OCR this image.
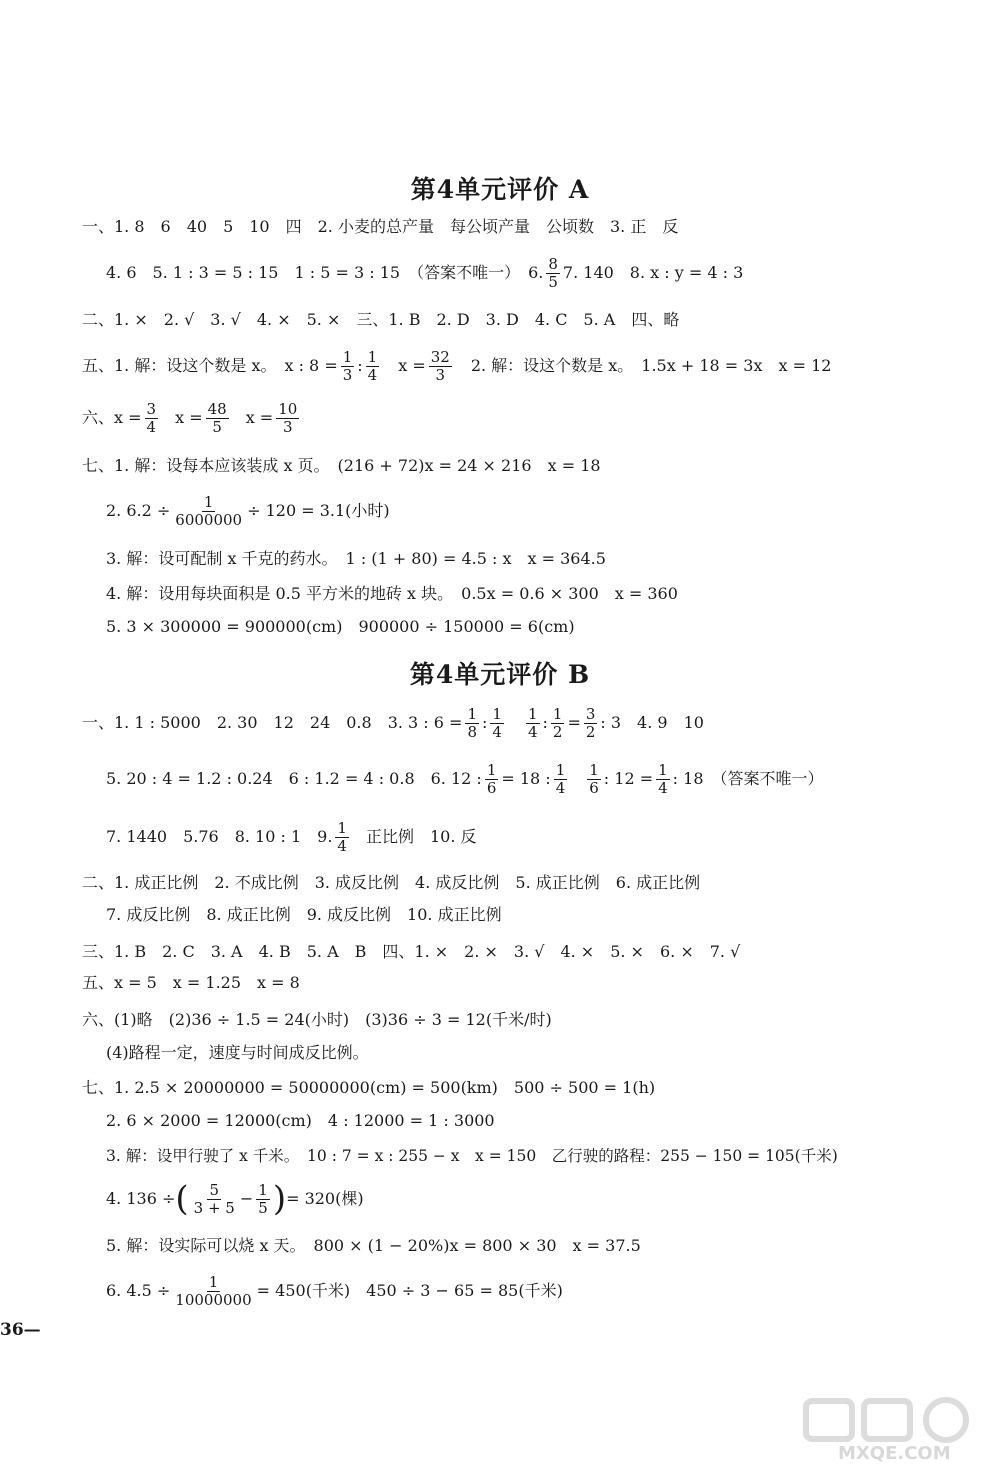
第4单元评价 A
一、1. 8　6　40　5　10　四　2. 小麦的总产量　每公顷产量　公顷数　3. 正　反
4. 6　5. 1 : 3 = 5 : 15　1 : 5 = 3 : 15　（答案不唯一）　6. $\frac{8}{5} 7$. 140　8. x : y = 4 : 3
二、1. ×　2. √　3. √　4. ×　5. ×　三、1. B　2. D　3. D　4. C　5. A　四、略
五、1. 解：设这个数是 x。　x : $8 = \frac{1}{3}$ : $\frac{1}{4}$ $x = \frac{32}{3} 2$. 解：设这个数是 x。　1.5x + 18 = 3x　x = 12
六、$x = \frac{3}{4}$ $x = \frac{48}{5}$ $x = \frac{10}{3}$
七、1. 解：设每本应该装成 x 页。　(216 + 72)x = 24 × 216　x = 18
2. $6.2 \div \frac{1}{6000000} \div 120 = 3.1$(小时)
3. 解：设可配制 x 千克的药水。　1 : (1 + 80) = 4.5 : x　x = 364.5
4. 解：设用每块面积是 0.5 平方米的地砖 x 块。　0.5x = 0.6 × 300　x = 360
5. 3 × 300000 = 900000(cm)　900000 ÷ 150000 = 6(cm)
第4单元评价 B
一、1. 1 : 5000　2. 30　12　24　0.8　3. 3 : $6 = \frac{1}{8}$ : $\frac{1}{4} \frac{1}{4}$ : $\frac{1}{2} = \frac{3}{2}$ : 3　4. 9　10
5. 20 : 4 = 1.2 : 0.24　6 : 1.2 = 4 : 0.8　6. 12 : $\frac{1}{6} = 18$ : $\frac{1}{4} \frac{1}{6}$ : $12 = \frac{1}{4}$ : 18　（答案不唯一）
7. 1440　5.76　8. 10 : 1　9. $\frac{1}{4}$ 正比例　10. 反
二、1. 成正比例　2. 不成比例　3. 成反比例　4. 成反比例　5. 成正比例　6. 成正比例
7. 成反比例　8. 成正比例　9. 成反比例　10. 成正比例
三、1. B　2. C　3. A　4. B　5. A　B　四、1. ×　2. ×　3. √　4. ×　5. ×　6. ×　7. √
五、x = 5　x = 1.25　x = 8
六、(1)略　(2)36 ÷ 1.5 = 24(小时)　(3)36 ÷ 3 = 12(千米/时)
(4)路程一定，速度与时间成反比例。
七、1. 2.5 × 20000000 = 50000000(cm) = 500(km)　500 ÷ 500 = 1(h)
2. 6 × 2000 = 12000(cm)　4 : 12000 = 1 : 3000
3. 解：设甲行驶了 x 千米。　10 : 7 = x : 255 − x　x = 150　乙行驶的路程：255 − 150 = 105(千米)
4. 136 ÷ ( $\frac{5}{3 + 5} - \frac{1}{5}$ ) = 320(棵)
5. 解：设实际可以烧 x 天。　800 × (1 − 20%)x = 800 × 30　x = 37.5
6. $4.5 \div \frac{1}{10000000} = 450$(千米)　450 ÷ 3 − 65 = 85(千米)
36—
MXQE.COM
